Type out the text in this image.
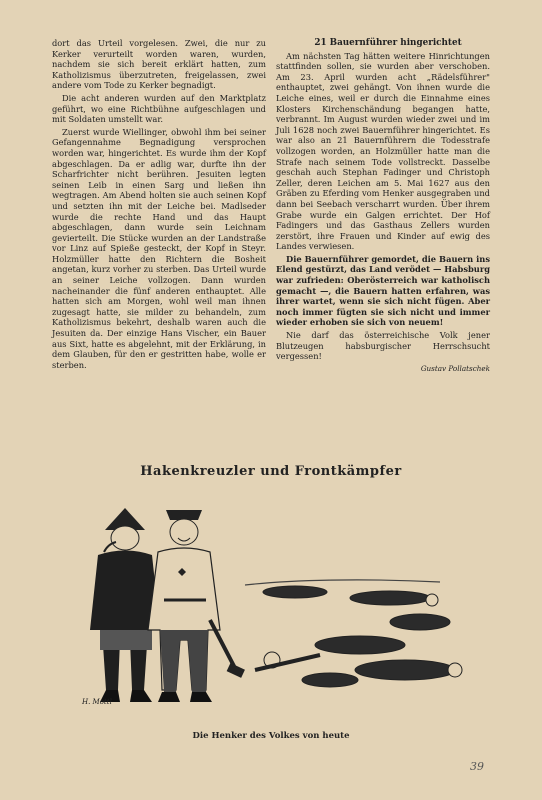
dort das Urteil vorgelesen. Zwei, die nur zu Kerker verurteilt worden waren, wurden, nachdem sie sich bereit erklärt hatten, zum Katholizismus überzutreten, freigelassen, zwei andere vom Tode zu Kerker begnadigt.

Die acht anderen wurden auf den Marktplatz geführt, wo eine Richtbühne aufgeschlagen und mit Soldaten umstellt war.

Zuerst wurde Wiellinger, obwohl ihm bei seiner Gefangennahme Begnadigung versprochen worden war, hingerichtet. Es wurde ihm der Kopf abgeschlagen. Da er adlig war, durfte ihn der Scharfrichter nicht berühren. Jesuiten legten seinen Leib in einen Sarg und ließen ihn wegtragen. Am Abend holten sie auch seinen Kopf und setzten ihn mit der Leiche bei. Madlseder wurde die rechte Hand und das Haupt abgeschlagen, dann wurde sein Leichnam gevierteilt. Die Stücke wurden an der Landstraße vor Linz auf Spieße gesteckt, der Kopf in Steyr. Holzmüller hatte den Richtern die Bosheit angetan, kurz vorher zu sterben. Das Urteil wurde an seiner Leiche vollzogen. Dann wurden nacheinander die fünf anderen enthauptet. Alle hatten sich am Morgen, wohl weil man ihnen zugesagt hatte, sie milder zu behandeln, zum Katholizismus bekehrt, deshalb waren auch die Jesuiten da. Der einzige Hans Vischer, ein Bauer aus Sixt, hatte es abgelehnt, mit der Erklärung, in dem Glauben, für den er gestritten habe, wolle er sterben.

21 Bauernführer hingerichtet

Am nächsten Tag hätten weitere Hinrichtungen stattfinden sollen, sie wurden aber verschoben. Am 23. April wurden acht „Rädelsführer" enthauptet, zwei gehängt. Von ihnen wurde die Leiche eines, weil er durch die Einnahme eines Klosters Kirchenschändung begangen hatte, verbrannt. Im August wurden wieder zwei und im Juli 1628 noch zwei Bauernführer hingerichtet. Es war also an 21 Bauernführern die Todesstrafe vollzogen worden, an Holzmüller hatte man die Strafe nach seinem Tode vollstreckt. Dasselbe geschah auch Stephan Fadinger und Christoph Zeller, deren Leichen am 5. Mai 1627 aus den Gräben zu Eferding vom Henker ausgegraben und dann bei Seebach verscharrt wurden. Über ihrem Grabe wurde ein Galgen errichtet. Der Hof Fadingers und das Gasthaus Zellers wurden zerstört, ihre Frauen und Kinder auf ewig des Landes verwiesen.

Die Bauernführer gemordet, die Bauern ins Elend gestürzt, das Land verödet — Habsburg war zufrieden: Oberösterreich war katholisch gemacht —, die Bauern hatten erfahren, was ihrer wartet, wenn sie sich nicht fügen. Aber noch immer fügten sie sich nicht und immer wieder erhoben sie sich von neuem!

Nie darf das österreichische Volk jener Blutzeugen habsburgischer Herrschsucht vergessen!

Gustav Pollatschek

Hakenkreuzler und Frontkämpfer
H. Mottl
Die Henker des Volkes von heute
39
